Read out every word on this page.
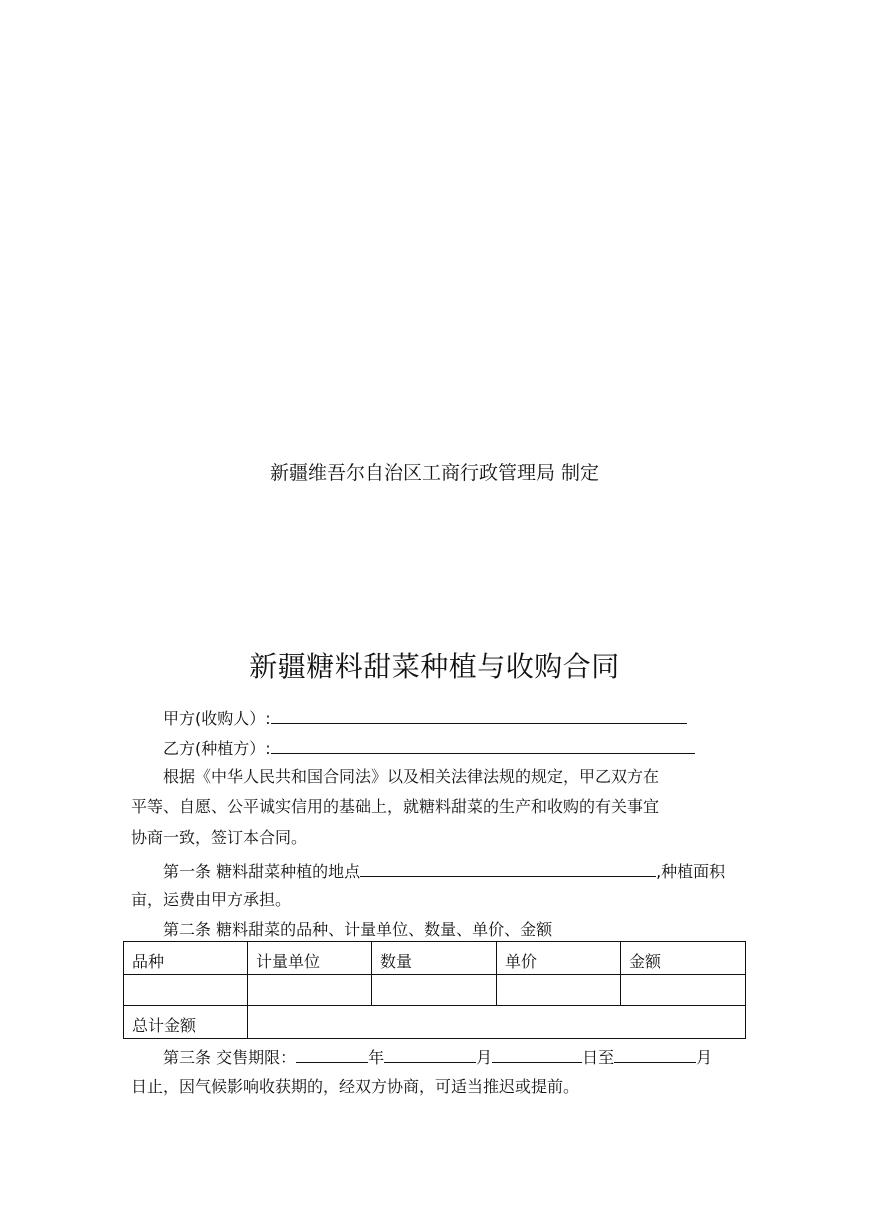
新疆维吾尔自治区工商行政管理局 制定
新疆糖料甜菜种植与收购合同
甲方(收购人）:
乙方(种植方）:
根据《中华人民共和国合同法》以及相关法律法规的规定，甲乙双方在
平等、自愿、公平诚实信用的基础上，就糖料甜菜的生产和收购的有关事宜
协商一致，签订本合同。
第一条 糖料甜菜种植的地点	,种植面积
亩，运费由甲方承担。
第二条 糖料甜菜的品种、计量单位、数量、单价、金额
品种	计量单位	数量	单价	金额

总计金额				
第三条 交售期限：	年	月	日至	月
日止，因气候影响收获期的，经双方协商，可适当推迟或提前。
